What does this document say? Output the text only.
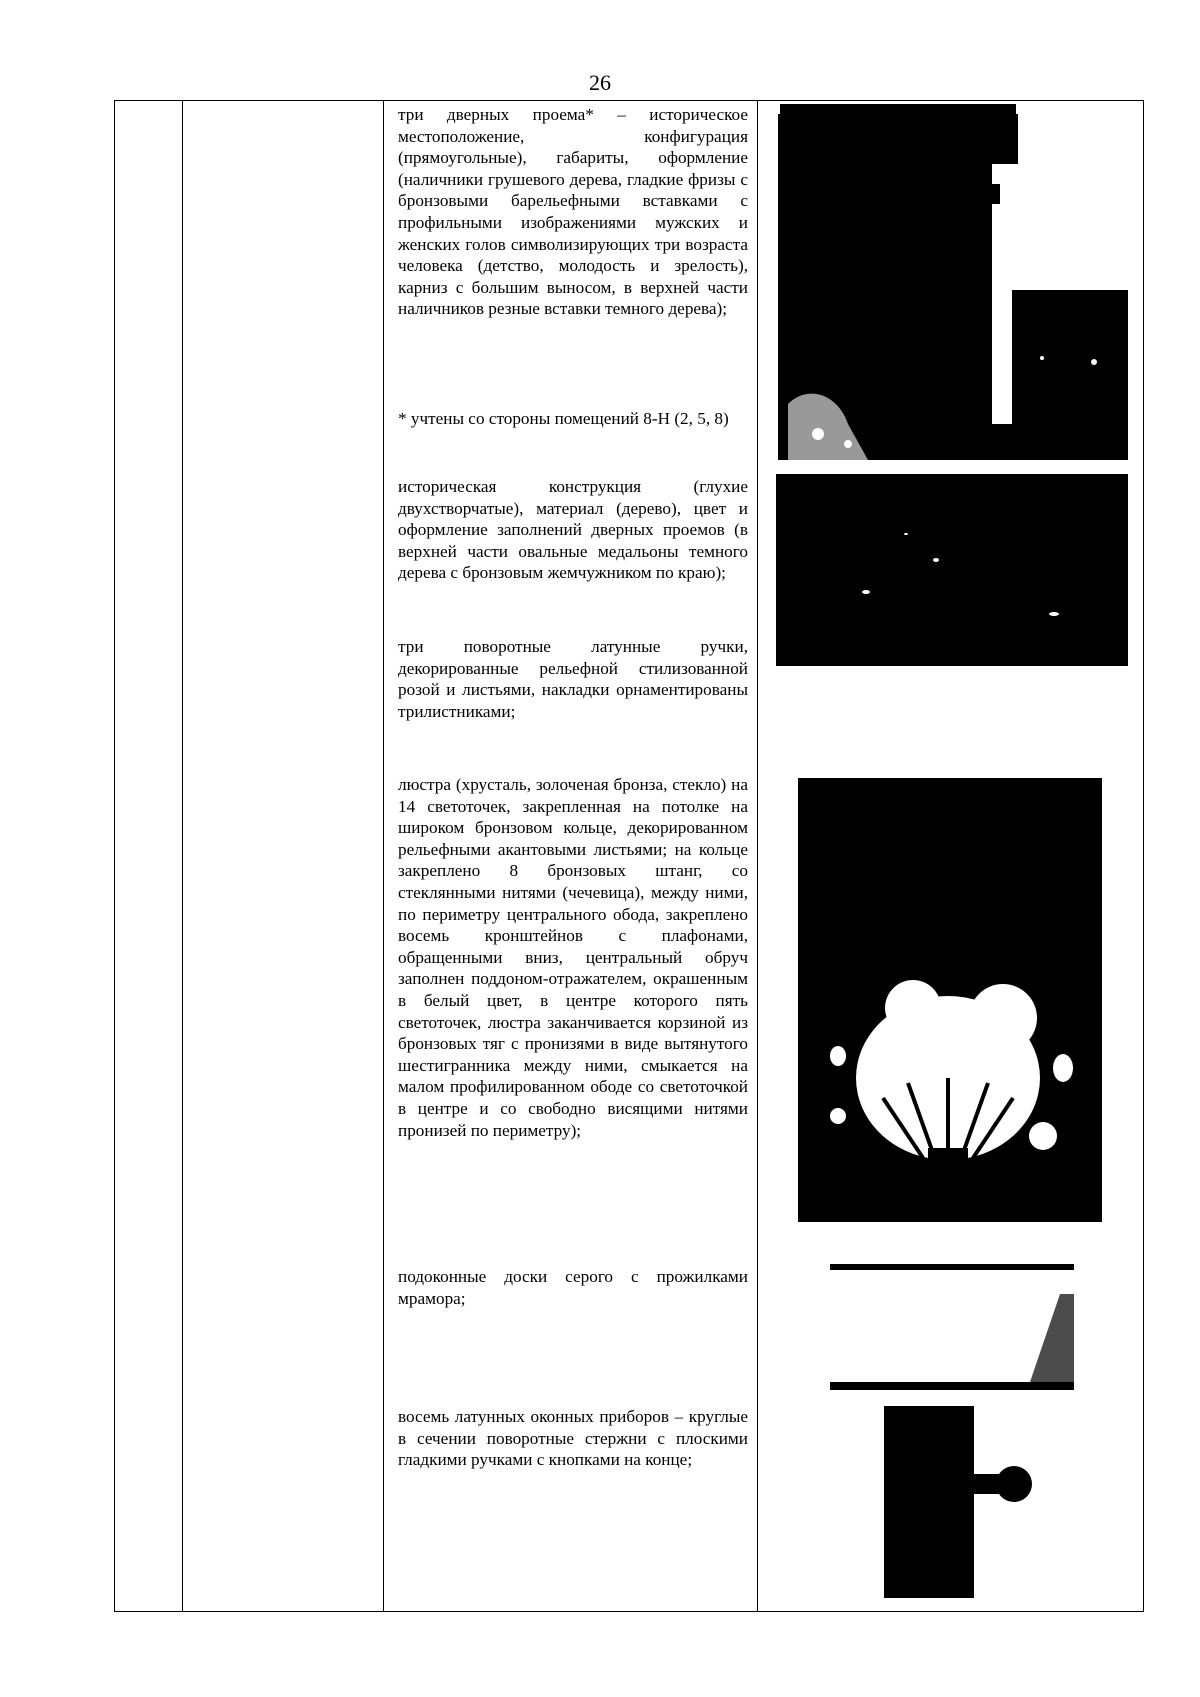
26

три дверных проема* – историческое местоположение, конфигурация (прямоугольные), габариты, оформление (наличники грушевого дерева, гладкие фризы с бронзовыми барельефными вставками с профильными изображениями мужских и женских голов символизирующих три возраста человека (детство, молодость и зрелость), карниз с большим выносом, в верхней части наличников резные вставки темного дерева);

* учтены со стороны помещений 8-Н (2, 5, 8)

историческая конструкция (глухие двухстворчатые), материал (дерево), цвет и оформление заполнений дверных проемов (в верхней части овальные медальоны темного дерева с бронзовым жемчужником по краю);

три поворотные латунные ручки, декорированные рельефной стилизованной розой и листьями, накладки орнаментированы трилистниками;

люстра (хрусталь, золоченая бронза, стекло) на 14 светоточек, закрепленная на потолке на широком бронзовом кольце, декорированном рельефными акантовыми листьями; на кольце закреплено 8 бронзовых штанг, со стеклянными нитями (чечевица), между ними, по периметру центрального обода, закреплено восемь кронштейнов с плафонами, обращенными вниз, центральный обруч заполнен поддоном-отражателем, окрашенным в белый цвет, в центре которого пять светоточек, люстра заканчивается корзиной из бронзовых тяг с пронизями в виде вытянутого шестигранника между ними, смыкается на малом профилированном ободе со светоточкой в центре и со свободно висящими нитями пронизей по периметру);

подоконные доски серого с прожилками мрамора;

восемь латунных оконных приборов – круглые в сечении поворотные стержни с плоскими гладкими ручками с кнопками на конце;
